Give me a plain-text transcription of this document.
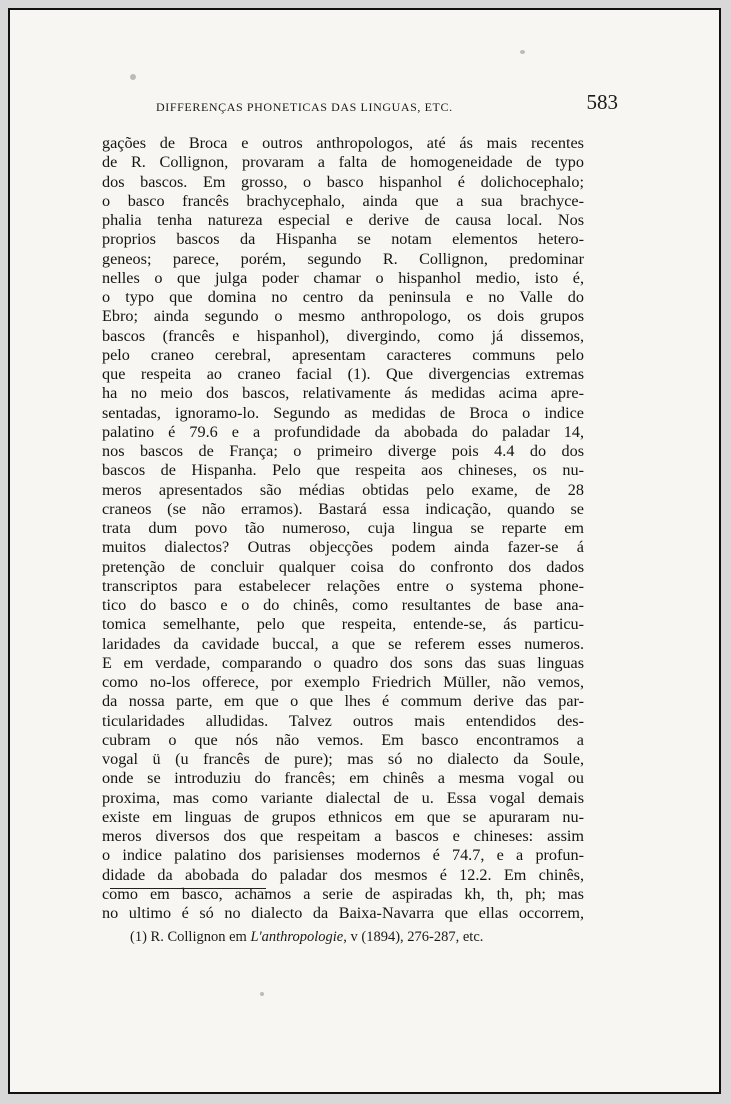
DIFFERENÇAS PHONETICAS DAS LINGUAS, ETC.	583
gações de Broca e outros anthropologos, até ás mais recentes
de R. Collignon, provaram a falta de homogeneidade de typo
dos bascos. Em grosso, o basco hispanhol é dolichocephalo;
o basco francês brachycephalo, ainda que a sua brachyce-
phalia tenha natureza especial e derive de causa local. Nos
proprios bascos da Hispanha se notam elementos hetero-
geneos; parece, porém, segundo R. Collignon, predominar
nelles o que julga poder chamar o hispanhol medio, isto é,
o typo que domina no centro da peninsula e no Valle do
Ebro; ainda segundo o mesmo anthropologo, os dois grupos
bascos (francês e hispanhol), divergindo, como já dissemos,
pelo craneo cerebral, apresentam caracteres communs pelo
que respeita ao craneo facial (1). Que divergencias extremas
ha no meio dos bascos, relativamente ás medidas acima apre-
sentadas, ignoramo-lo. Segundo as medidas de Broca o indice
palatino é 79.6 e a profundidade da abobada do paladar 14,
nos bascos de França; o primeiro diverge pois 4.4 do dos
bascos de Hispanha. Pelo que respeita aos chineses, os nu-
meros apresentados são médias obtidas pelo exame, de 28
craneos (se não erramos). Bastará essa indicação, quando se
trata dum povo tão numeroso, cuja lingua se reparte em
muitos dialectos? Outras objecções podem ainda fazer-se á
pretenção de concluir qualquer coisa do confronto dos dados
transcriptos para estabelecer relações entre o systema phone-
tico do basco e o do chinês, como resultantes de base ana-
tomica semelhante, pelo que respeita, entende-se, ás particu-
laridades da cavidade buccal, a que se referem esses numeros.
E em verdade, comparando o quadro dos sons das suas linguas
como no-los offerece, por exemplo Friedrich Müller, não vemos,
da nossa parte, em que o que lhes é commum derive das par-
ticularidades alludidas. Talvez outros mais entendidos des-
cubram o que nós não vemos. Em basco encontramos a
vogal ü (u francês de pure); mas só no dialecto da Soule,
onde se introduziu do francês; em chinês a mesma vogal ou
proxima, mas como variante dialectal de u. Essa vogal demais
existe em linguas de grupos ethnicos em que se apuraram nu-
meros diversos dos que respeitam a bascos e chineses: assim
o indice palatino dos parisienses modernos é 74.7, e a profun-
didade da abobada do paladar dos mesmos é 12.2. Em chinês,
como em basco, achamos a serie de aspiradas kh, th, ph; mas
no ultimo é só no dialecto da Baixa-Navarra que ellas occorrem,
(1) R. Collignon em L'anthropologie, v (1894), 276-287, etc.
